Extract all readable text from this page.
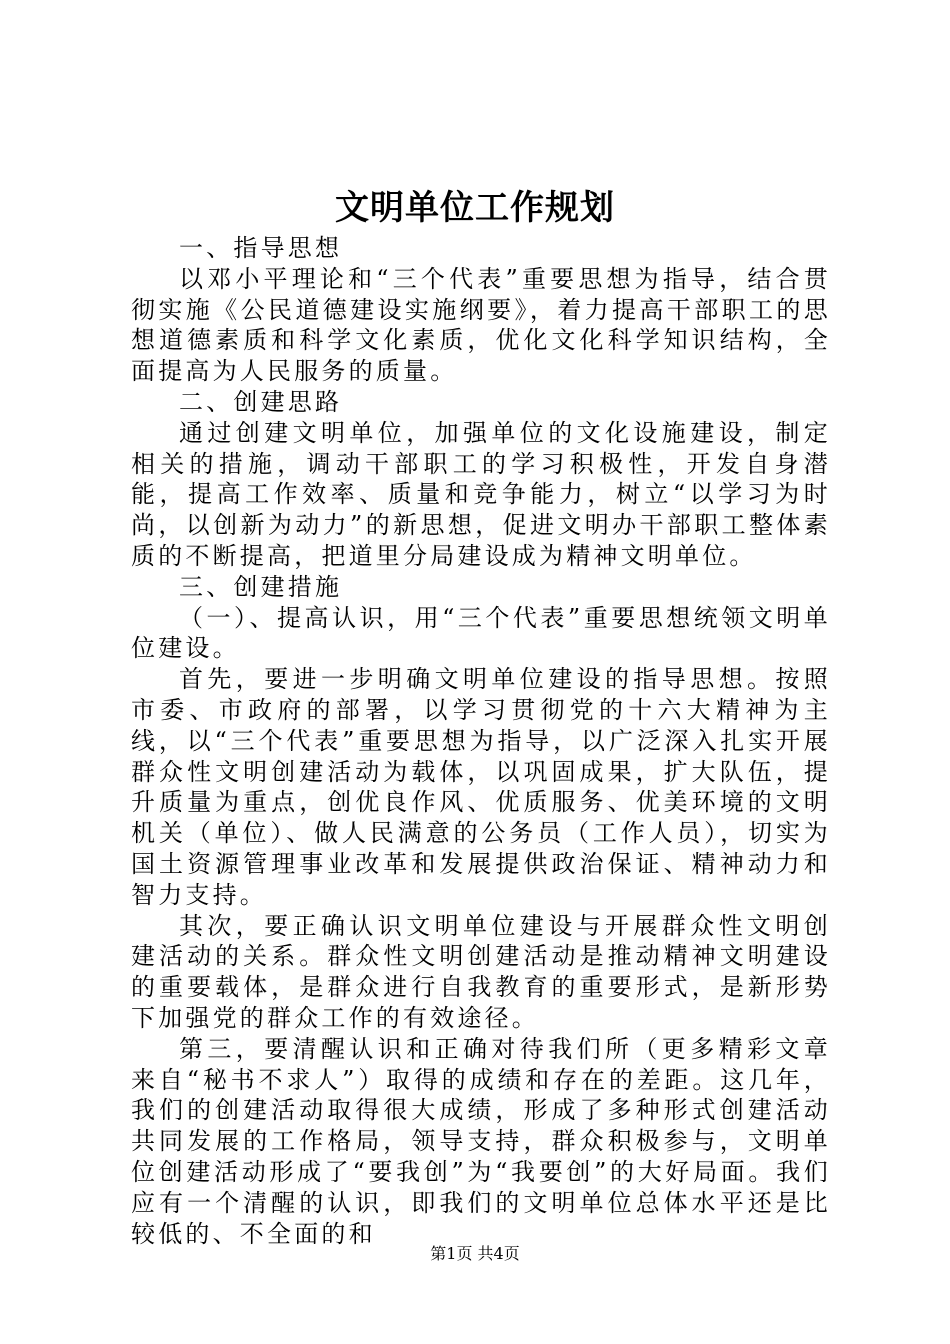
文明单位工作规划

一、指导思想

以邓小平理论和“三个代表”重要思想为指导，结合贯彻实施《公民道德建设实施纲要》，着力提高干部职工的思想道德素质和科学文化素质，优化文化科学知识结构，全面提高为人民服务的质量。

二、创建思路

通过创建文明单位，加强单位的文化设施建设，制定相关的措施，调动干部职工的学习积极性，开发自身潜能，提高工作效率、质量和竞争能力，树立“以学习为时尚，以创新为动力”的新思想，促进文明办干部职工整体素质的不断提高，把道里分局建设成为精神文明单位。

三、创建措施

（一）、提高认识，用“三个代表”重要思想统领文明单位建设。

首先，要进一步明确文明单位建设的指导思想。按照市委、市政府的部署，以学习贯彻党的十六大精神为主线，以“三个代表”重要思想为指导，以广泛深入扎实开展群众性文明创建活动为载体，以巩固成果，扩大队伍，提升质量为重点，创优良作风、优质服务、优美环境的文明机关（单位）、做人民满意的公务员（工作人员），切实为国土资源管理事业改革和发展提供政治保证、精神动力和智力支持。

其次，要正确认识文明单位建设与开展群众性文明创建活动的关系。群众性文明创建活动是推动精神文明建设的重要载体，是群众进行自我教育的重要形式，是新形势下加强党的群众工作的有效途径。

第三，要清醒认识和正确对待我们所（更多精彩文章来自“秘书不求人”）取得的成绩和存在的差距。这几年，我们的创建活动取得很大成绩，形成了多种形式创建活动共同发展的工作格局，领导支持，群众积极参与，文明单位创建活动形成了“要我创”为“我要创”的大好局面。我们应有一个清醒的认识，即我们的文明单位总体水平还是比较低的、不全面的和

第1页 共4页
